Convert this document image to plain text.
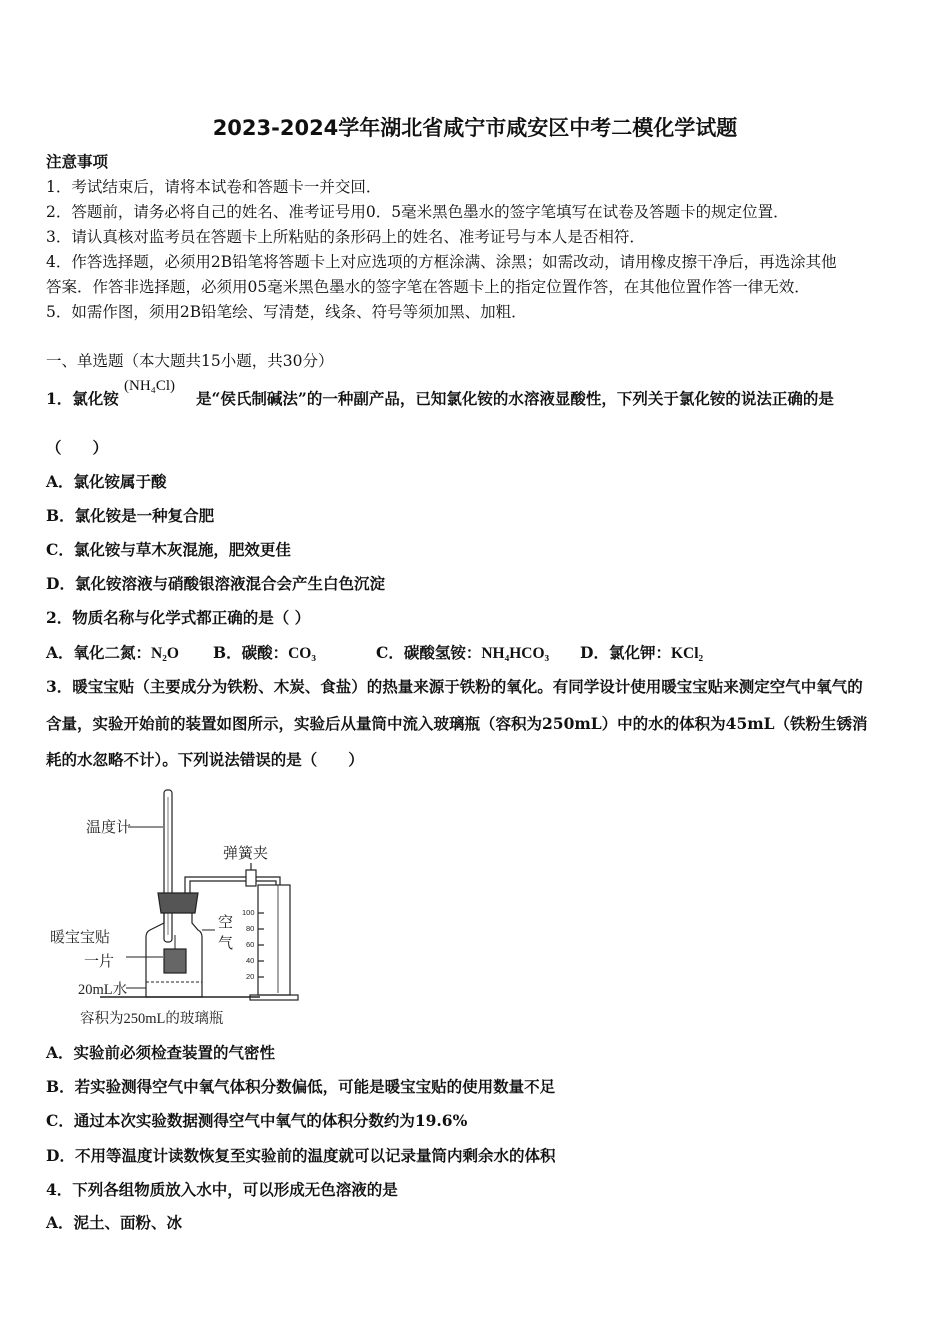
2023-2024学年湖北省咸宁市咸安区中考二模化学试题
注意事项
1．考试结束后，请将本试卷和答题卡一并交回．
2．答题前，请务必将自己的姓名、准考证号用0．5毫米黑色墨水的签字笔填写在试卷及答题卡的规定位置．
3．请认真核对监考员在答题卡上所粘贴的条形码上的姓名、准考证号与本人是否相符．
4．作答选择题，必须用2B铅笔将答题卡上对应选项的方框涂满、涂黑；如需改动，请用橡皮擦干净后，再选涂其他
答案．作答非选择题，必须用05毫米黑色墨水的签字笔在答题卡上的指定位置作答，在其他位置作答一律无效．
5．如需作图，须用2B铅笔绘、写清楚，线条、符号等须加黑、加粗．
一、单选题（本大题共15小题，共30分）
1．氯化铵
(NH₄Cl)
是“侯氏制碱法”的一种副产品，已知氯化铵的水溶液显酸性，下列关于氯化铵的说法正确的是
（　　）
A．氯化铵属于酸
B．氯化铵是一种复合肥
C．氯化铵与草木灰混施，肥效更佳
D．氯化铵溶液与硝酸银溶液混合会产生白色沉淀
2．物质名称与化学式都正确的是（ ）
A．氧化二氮：N₂O B．碳酸：CO₃	C．碳酸氢铵：NH₄HCO₃ D．氯化钾：KCl₂
3．暖宝宝贴（主要成分为铁粉、木炭、食盐）的热量来源于铁粉的氧化。有同学设计使用暖宝宝贴来测定空气中氧气的
含量，实验开始前的装置如图所示，实验后从量筒中流入玻璃瓶（容积为250mL）中的水的体积为45mL（铁粉生锈消
耗的水忽略不计）。下列说法错误的是（　　）
温度计
弹簧夹
空
气
暖宝宝贴
一片
20mL水
容积为250mL的玻璃瓶
100
80
60
40
20
A．实验前必须检查装置的气密性
B．若实验测得空气中氧气体积分数偏低，可能是暖宝宝贴的使用数量不足
C．通过本次实验数据测得空气中氧气的体积分数约为19.6%
D．不用等温度计读数恢复至实验前的温度就可以记录量筒内剩余水的体积
4．下列各组物质放入水中，可以形成无色溶液的是
A．泥土、面粉、冰
